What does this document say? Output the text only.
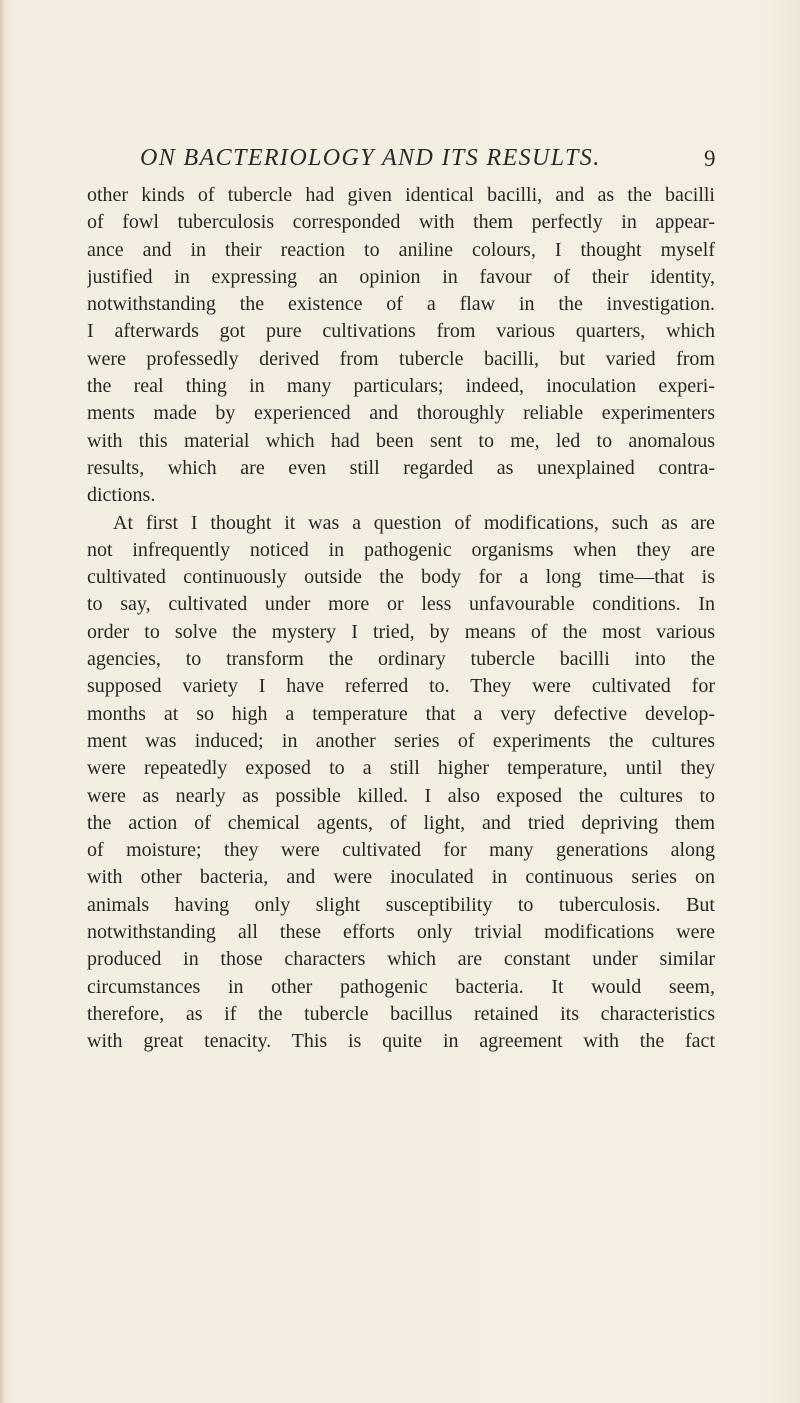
ON BACTERIOLOGY AND ITS RESULTS.	9
other kinds of tubercle had given identical bacilli, and as the bacilli
of fowl tuberculosis corresponded with them perfectly in appear-
ance and in their reaction to aniline colours, I thought myself
justified in expressing an opinion in favour of their identity,
notwithstanding the existence of a flaw in the investigation.
I afterwards got pure cultivations from various quarters, which
were professedly derived from tubercle bacilli, but varied from
the real thing in many particulars; indeed, inoculation experi-
ments made by experienced and thoroughly reliable experimenters
with this material which had been sent to me, led to anomalous
results, which are even still regarded as unexplained contra-
dictions.
At first I thought it was a question of modifications, such as are
not infrequently noticed in pathogenic organisms when they are
cultivated continuously outside the body for a long time—that is
to say, cultivated under more or less unfavourable conditions. In
order to solve the mystery I tried, by means of the most various
agencies, to transform the ordinary tubercle bacilli into the
supposed variety I have referred to. They were cultivated for
months at so high a temperature that a very defective develop-
ment was induced; in another series of experiments the cultures
were repeatedly exposed to a still higher temperature, until they
were as nearly as possible killed. I also exposed the cultures to
the action of chemical agents, of light, and tried depriving them
of moisture; they were cultivated for many generations along
with other bacteria, and were inoculated in continuous series on
animals having only slight susceptibility to tuberculosis. But
notwithstanding all these efforts only trivial modifications were
produced in those characters which are constant under similar
circumstances in other pathogenic bacteria. It would seem,
therefore, as if the tubercle bacillus retained its characteristics
with great tenacity. This is quite in agreement with the fact
